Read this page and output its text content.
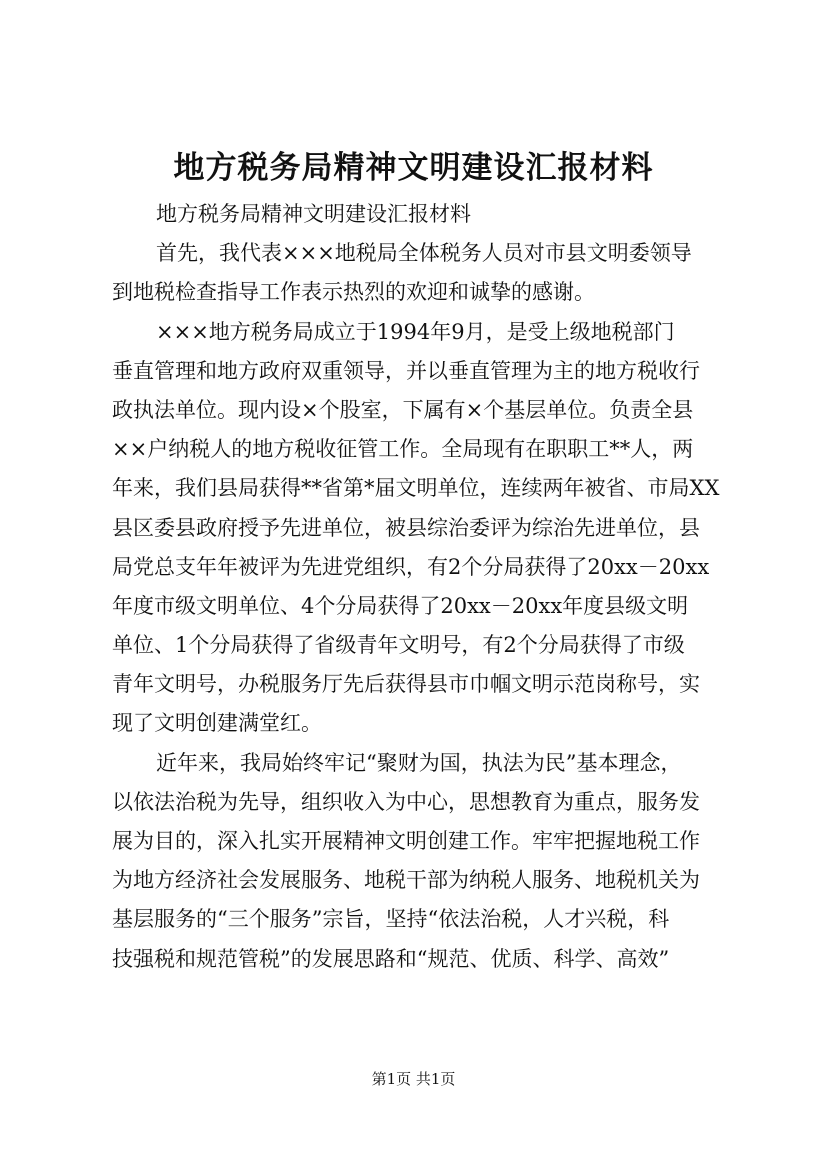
地方税务局精神文明建设汇报材料
地方税务局精神文明建设汇报材料
首先，我代表×××地税局全体税务人员对市县文明委领导
到地税检查指导工作表示热烈的欢迎和诚挚的感谢。
×××地方税务局成立于1994年9月，是受上级地税部门
垂直管理和地方政府双重领导，并以垂直管理为主的地方税收行
政执法单位。现内设×个股室，下属有×个基层单位。负责全县
××户纳税人的地方税收征管工作。全局现有在职职工**人，两
年来，我们县局获得**省第*届文明单位，连续两年被省、市局XX
县区委县政府授予先进单位，被县综治委评为综治先进单位，县
局党总支年年被评为先进党组织，有2个分局获得了20xx－20xx
年度市级文明单位、4个分局获得了20xx－20xx年度县级文明
单位、1个分局获得了省级青年文明号，有2个分局获得了市级
青年文明号，办税服务厅先后获得县市巾帼文明示范岗称号，实
现了文明创建满堂红。
近年来，我局始终牢记“聚财为国，执法为民”基本理念，
以依法治税为先导，组织收入为中心，思想教育为重点，服务发
展为目的，深入扎实开展精神文明创建工作。牢牢把握地税工作
为地方经济社会发展服务、地税干部为纳税人服务、地税机关为
基层服务的“三个服务”宗旨，坚持“依法治税，人才兴税，科
技强税和规范管税”的发展思路和“规范、优质、科学、高效”
第1页 共1页
